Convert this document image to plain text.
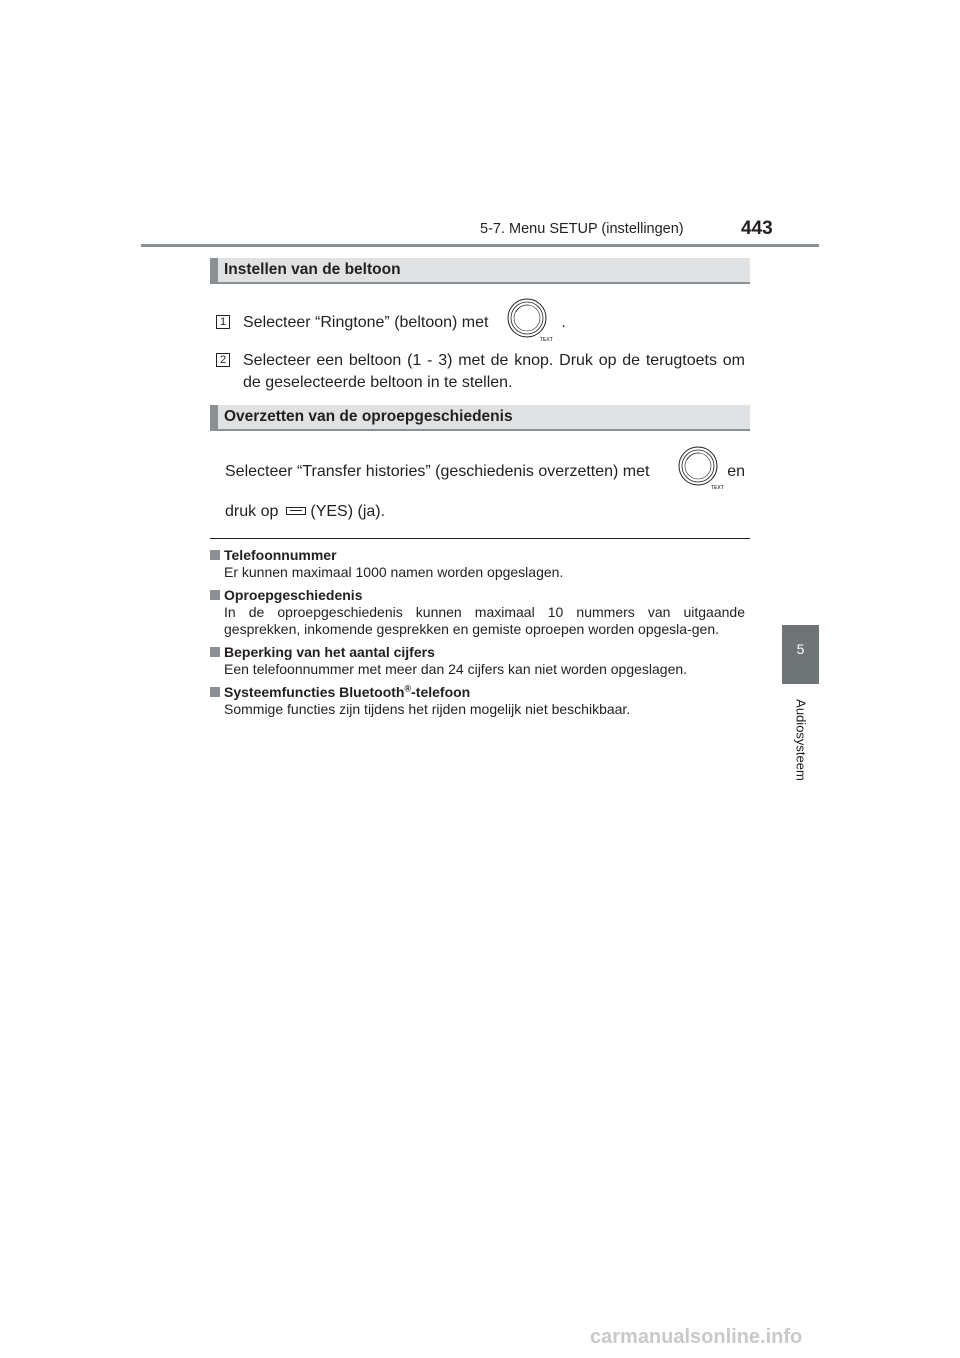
5-7. Menu SETUP (instellingen)	443
5
Audiosysteem
Instellen van de beltoon
1 Selecteer “Ringtone” (beltoon) met	.
TEXT
2 Selecteer een beltoon (1 - 3) met de knop. Druk op de terugtoets om de geselecteerde beltoon in te stellen.
Overzetten van de oproepgeschiedenis
Selecteer “Transfer histories” (geschiedenis overzetten) met	en
TEXT
druk op (YES) (ja).
Telefoonnummer
Er kunnen maximaal 1000 namen worden opgeslagen.
Oproepgeschiedenis
In de oproepgeschiedenis kunnen maximaal 10 nummers van uitgaande gesprekken, inkomende gesprekken en gemiste oproepen worden opgesla-gen.
Beperking van het aantal cijfers
Een telefoonnummer met meer dan 24 cijfers kan niet worden opgeslagen.
Systeemfuncties Bluetooth®-telefoon
Sommige functies zijn tijdens het rijden mogelijk niet beschikbaar.
carmanualsonline.info
